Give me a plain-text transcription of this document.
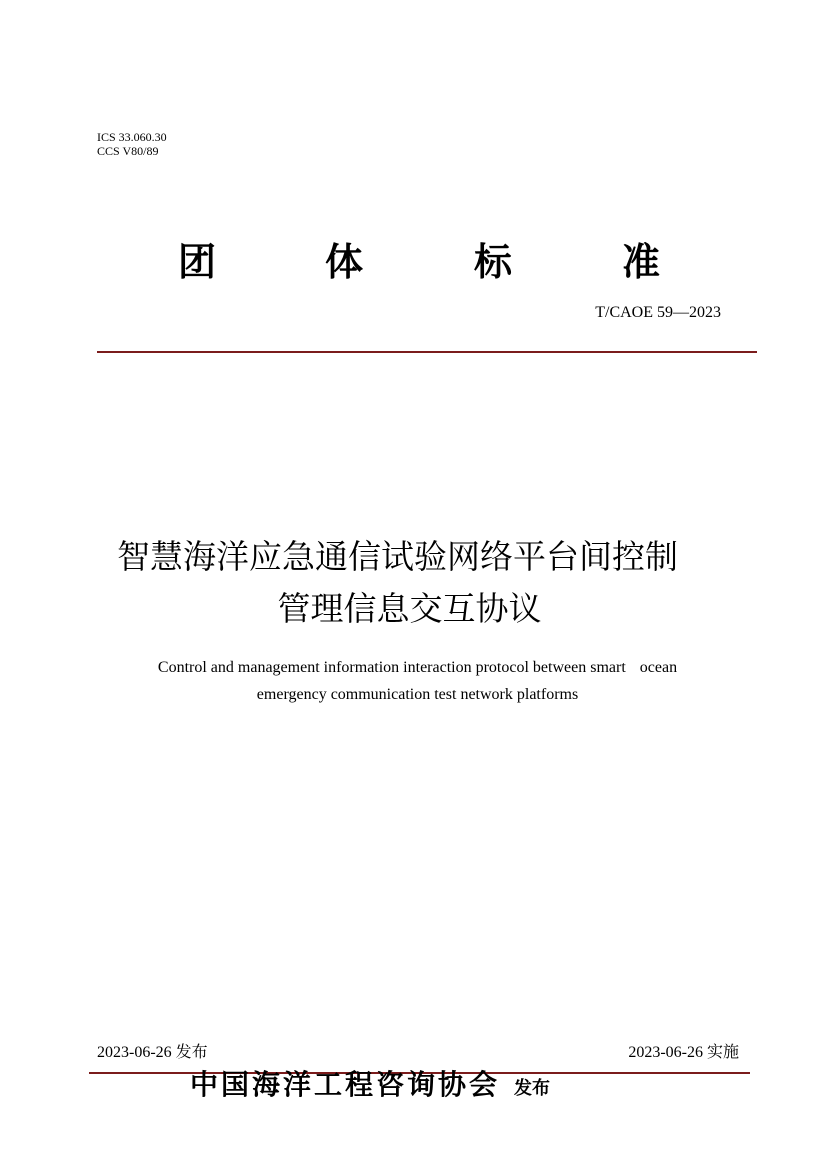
ICS 33.060.30
CCS V80/89
团	体	标	准
T/CAOE 59—2023
智慧海洋应急通信试验网络平台间控制
管理信息交互协议
Control and management information interaction protocol between smart ocean
emergency communication test network platforms
2023-06-26 发布	2023-06-26 实施
中国海洋工程咨询协会 发布
